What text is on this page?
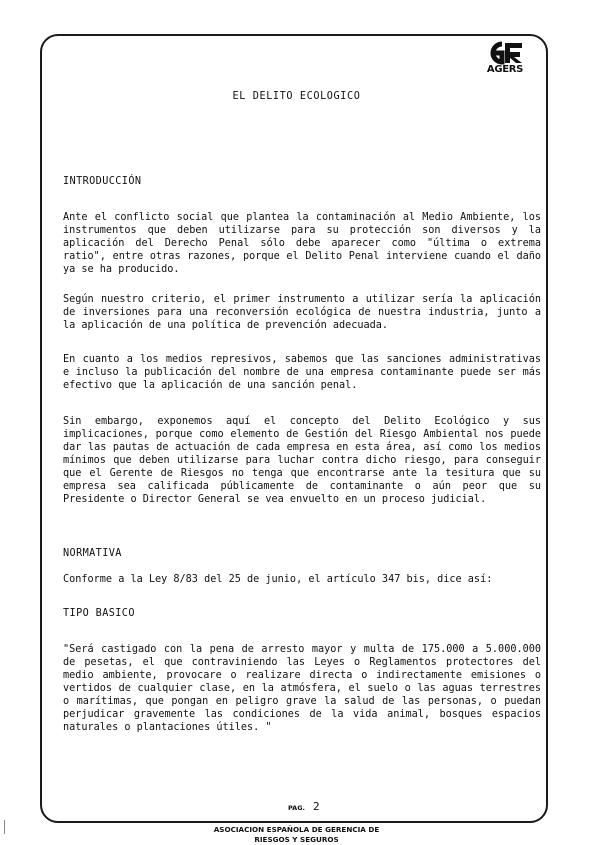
AGERS
EL DELITO ECOLOGICO
INTRODUCCIÓN
Ante el conflicto social que plantea la contaminación al Medio Ambiente, los instrumentos que deben utilizarse para su protección son diversos y la aplicación del Derecho Penal sólo debe aparecer como "última o extrema ratio", entre otras razones, porque el Delito Penal interviene cuando el daño ya se ha producido.
Según nuestro criterio, el primer instrumento a utilizar sería la aplicación de inversiones para una reconversión ecológica de nuestra industria, junto a la aplicación de una política de prevención adecuada.
En cuanto a los medios represivos, sabemos que las sanciones administrativas e incluso la publicación del nombre de una empresa contaminante puede ser más efectivo que la aplicación de una sanción penal.
Sin embargo, exponemos aquí el concepto del Delito Ecológico y sus implicaciones, porque como elemento de Gestión del Riesgo Ambiental nos puede dar las pautas de actuación de cada empresa en esta área, así como los medios mínimos que deben utilizarse para luchar contra dicho riesgo, para conseguir que el Gerente de Riesgos no tenga que encontrarse ante la tesitura que su empresa sea calificada públicamente de contaminante o aún peor que su Presidente o Director General se vea envuelto en un proceso judicial.
NORMATIVA
Conforme a la Ley 8/83 del 25 de junio, el artículo 347 bis, dice así:
TIPO BASICO
"Será castigado con la pena de arresto mayor y multa de 175.000 a 5.000.000 de pesetas, el que contraviniendo las Leyes o Reglamentos protectores del medio ambiente, provocare o realizare directa o indirectamente emisiones o vertidos de cualquier clase, en la atmósfera, el suelo o las aguas terrestres o marítimas, que pongan en peligro grave la salud de las personas, o puedan perjudicar gravemente las condiciones de la vida animal, bosques espacios naturales o plantaciones útiles. "
PAG. 2
ASOCIACION ESPAÑOLA DE GERENCIA DE
RIESGOS Y SEGUROS
